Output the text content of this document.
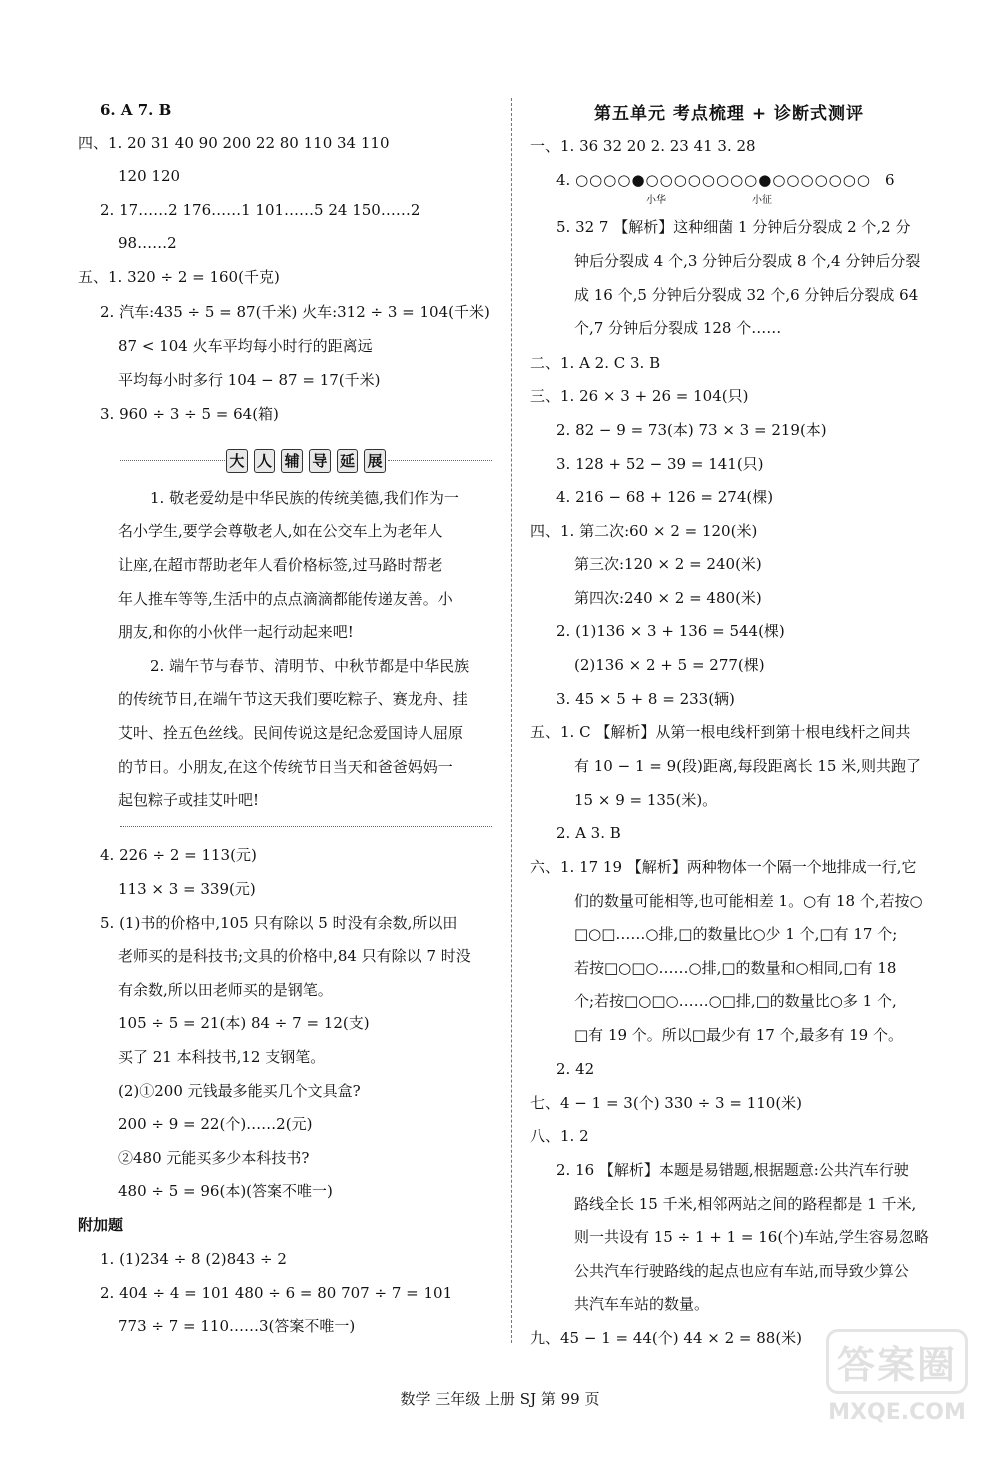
6. A 7. B
四、1. 20 31 40 90 200 22 80 110 34 110
120 120
2. 17……2 176……1 101……5 24 150……2
98……2
五、1. 320 ÷ 2 = 160(千克)
2. 汽车:435 ÷ 5 = 87(千米) 火车:312 ÷ 3 = 104(千米)
87 < 104 火车平均每小时行的距离远
平均每小时多行 104 − 87 = 17(千米)
3. 960 ÷ 3 ÷ 5 = 64(箱)
大 人 辅 导 延 展
1. 敬老爱幼是中华民族的传统美德,我们作为一
名小学生,要学会尊敬老人,如在公交车上为老年人
让座,在超市帮助老年人看价格标签,过马路时帮老
年人推车等等,生活中的点点滴滴都能传递友善。小
朋友,和你的小伙伴一起行动起来吧!
2. 端午节与春节、清明节、中秋节都是中华民族
的传统节日,在端午节这天我们要吃粽子、赛龙舟、挂
艾叶、拴五色丝线。民间传说这是纪念爱国诗人屈原
的节日。小朋友,在这个传统节日当天和爸爸妈妈一
起包粽子或挂艾叶吧!
4. 226 ÷ 2 = 113(元)
113 × 3 = 339(元)
5. (1)书的价格中,105 只有除以 5 时没有余数,所以田
老师买的是科技书;文具的价格中,84 只有除以 7 时没
有余数,所以田老师买的是钢笔。
105 ÷ 5 = 21(本) 84 ÷ 7 = 12(支)
买了 21 本科技书,12 支钢笔。
(2)①200 元钱最多能买几个文具盒?
200 ÷ 9 = 22(个)……2(元)
②480 元能买多少本科技书?
480 ÷ 5 = 96(本)(答案不唯一)
附加题
1. (1)234 ÷ 8 (2)843 ÷ 2
2. 404 ÷ 4 = 101 480 ÷ 6 = 80 707 ÷ 7 = 101
773 ÷ 7 = 110……3(答案不唯一)
第五单元 考点梳理 + 诊断式测评
一、1. 36 32 20 2. 23 41 3. 28
4. ○○○○●○○○○○○○○●○○○○○○○ 6
小华	小征
5. 32 7 【解析】这种细菌 1 分钟后分裂成 2 个,2 分
钟后分裂成 4 个,3 分钟后分裂成 8 个,4 分钟后分裂
成 16 个,5 分钟后分裂成 32 个,6 分钟后分裂成 64
个,7 分钟后分裂成 128 个……
二、1. A 2. C 3. B
三、1. 26 × 3 + 26 = 104(只)
2. 82 − 9 = 73(本) 73 × 3 = 219(本)
3. 128 + 52 − 39 = 141(只)
4. 216 − 68 + 126 = 274(棵)
四、1. 第二次:60 × 2 = 120(米)
第三次:120 × 2 = 240(米)
第四次:240 × 2 = 480(米)
2. (1)136 × 3 + 136 = 544(棵)
(2)136 × 2 + 5 = 277(棵)
3. 45 × 5 + 8 = 233(辆)
五、1. C 【解析】从第一根电线杆到第十根电线杆之间共
有 10 − 1 = 9(段)距离,每段距离长 15 米,则共跑了
15 × 9 = 135(米)。
2. A 3. B
六、1. 17 19 【解析】两种物体一个隔一个地排成一行,它
们的数量可能相等,也可能相差 1。○有 18 个,若按○
□○□……○排,□的数量比○少 1 个,□有 17 个;
若按□○□○……○排,□的数量和○相同,□有 18
个;若按□○□○……○□排,□的数量比○多 1 个,
□有 19 个。所以□最少有 17 个,最多有 19 个。
2. 42
七、4 − 1 = 3(个) 330 ÷ 3 = 110(米)
八、1. 2
2. 16 【解析】本题是易错题,根据题意:公共汽车行驶
路线全长 15 千米,相邻两站之间的路程都是 1 千米,
则一共设有 15 ÷ 1 + 1 = 16(个)车站,学生容易忽略
公共汽车行驶路线的起点也应有车站,而导致少算公
共汽车车站的数量。
九、45 − 1 = 44(个) 44 × 2 = 88(米)
数学 三年级 上册 SJ 第 99 页
答案圈
MXQE.COM
